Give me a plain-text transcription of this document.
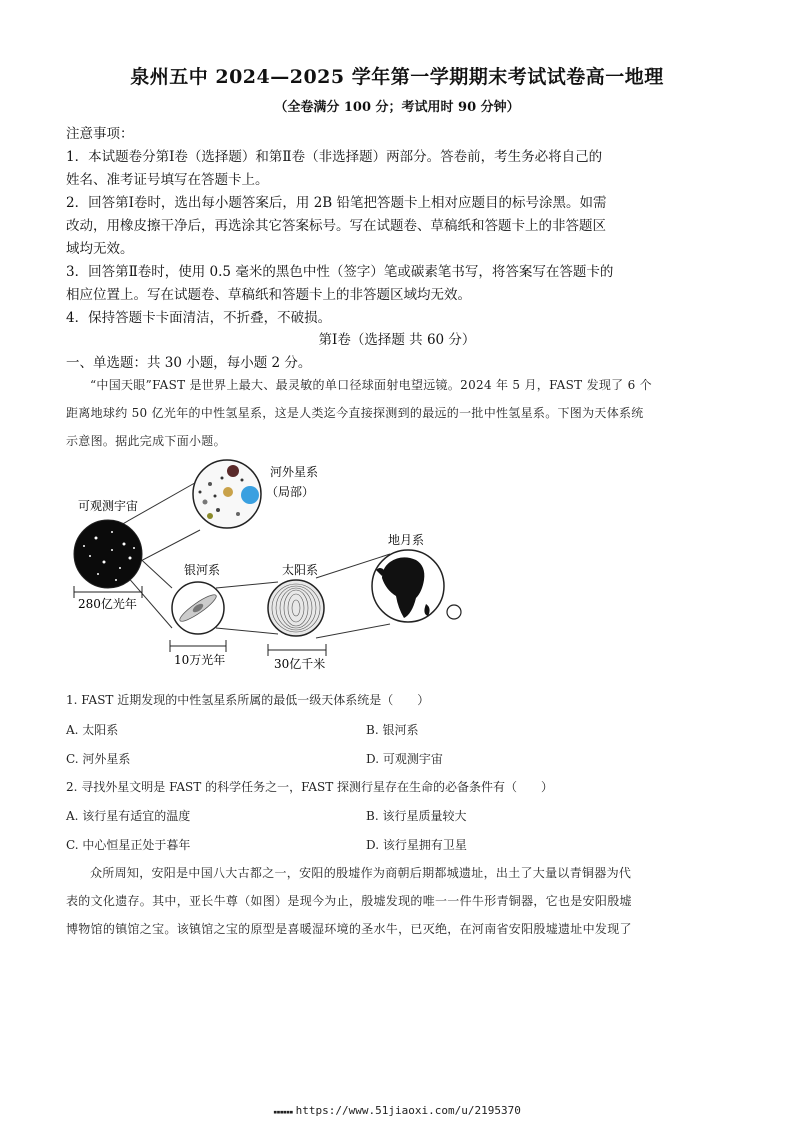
泉州五中 2024—2025 学年第一学期期末考试试卷高一地理
（全卷满分 100 分；考试用时 90 分钟）
注意事项：
1．本试题卷分第Ⅰ卷（选择题）和第Ⅱ卷（非选择题）两部分。答卷前，考生务必将自己的
姓名、准考证号填写在答题卡上。
2．回答第Ⅰ卷时，选出每小题答案后，用 2B 铅笔把答题卡上相对应题目的标号涂黑。如需
改动，用橡皮擦干净后，再选涂其它答案标号。写在试题卷、草稿纸和答题卡上的非答题区
域均无效。
3．回答第Ⅱ卷时，使用 0.5 毫米的黑色中性（签字）笔或碳素笔书写，将答案写在答题卡的
相应位置上。写在试题卷、草稿纸和答题卡上的非答题区域均无效。
4．保持答题卡卡面清洁，不折叠，不破损。
第Ⅰ卷（选择题 共 60 分）
一、单选题：共 30 小题，每小题 2 分。
“中国天眼”FAST 是世界上最大、最灵敏的单口径球面射电望远镜。2024 年 5 月，FAST 发现了 6 个
距离地球约 50 亿光年的中性氢星系，这是人类迄今直接探测到的最远的一批中性氢星系。下图为天体系统
示意图。据此完成下面小题。
河外星系
（局部）
可观测宇宙
280亿光年
银河系
10万光年
太阳系
30亿千米
地月系
1. FAST 近期发现的中性氢星系所属的最低一级天体系统是（　　）
A. 太阳系	B. 银河系
C. 河外星系	D. 可观测宇宙
2. 寻找外星文明是 FAST 的科学任务之一，FAST 探测行星存在生命的必备条件有（　　）
A. 该行星有适宜的温度	B. 该行星质量较大
C. 中心恒星正处于暮年	D. 该行星拥有卫星
众所周知，安阳是中国八大古都之一，安阳的殷墟作为商朝后期都城遗址，出土了大量以青铜器为代
表的文化遗存。其中，亚长牛尊（如图）是现今为止，殷墟发现的唯一一件牛形青铜器，它也是安阳殷墟
博物馆的镇馆之宝。该镇馆之宝的原型是喜暖湿环境的圣水牛，已灭绝，在河南省安阳殷墟遗址中发现了
▪▪▪▪▪▪ https://www.51jiaoxi.com/u/2195370
